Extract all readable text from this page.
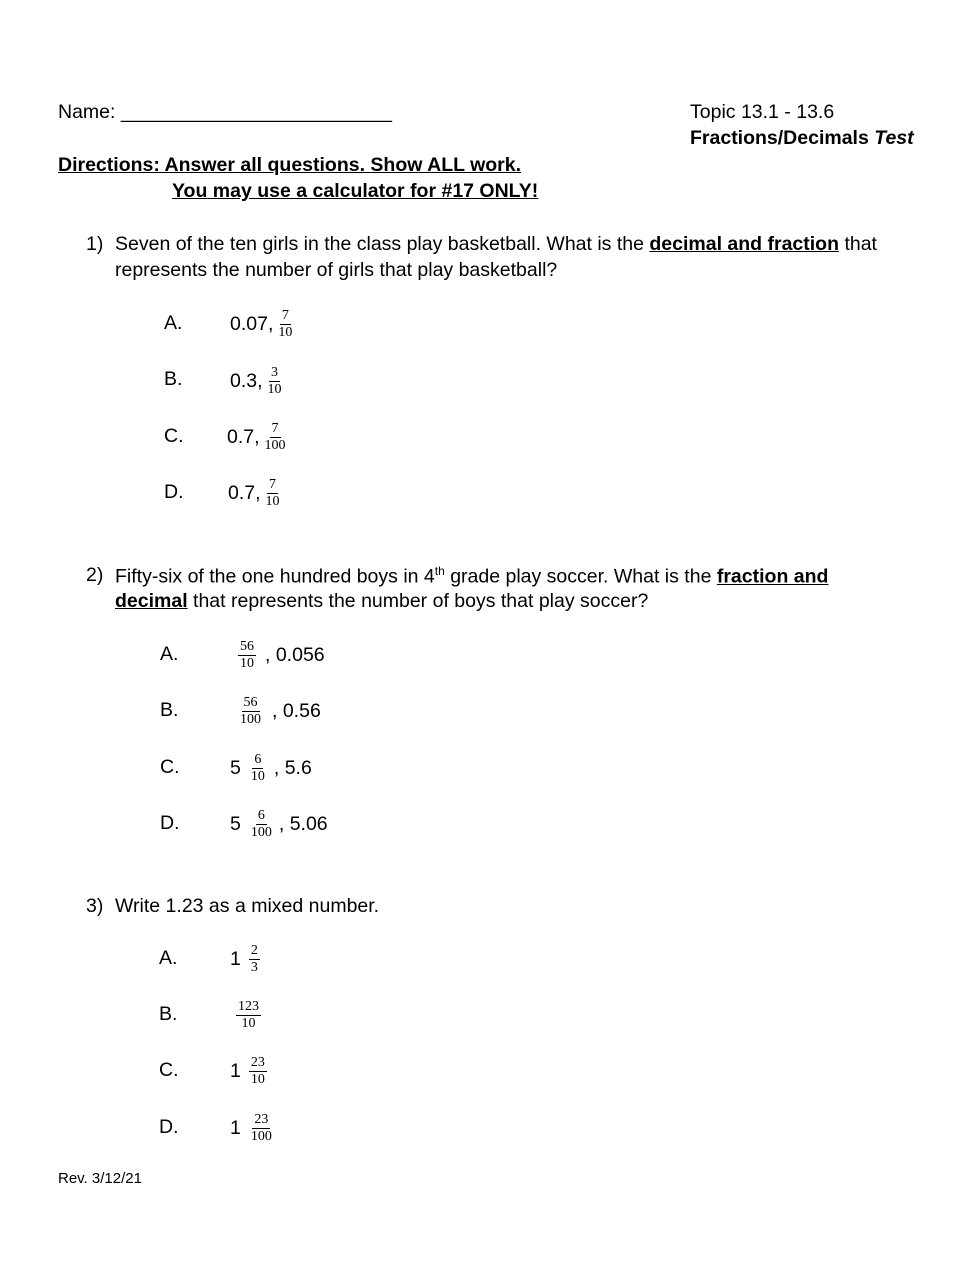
Name: _________________________	Topic 13.1 - 13.6
Fractions/Decimals Test
Directions: Answer all questions. Show ALL work.
You may use a calculator for #17 ONLY!
1) Seven of the ten girls in the class play basketball. What is the decimal and fraction that
represents the number of girls that play basketball?
A. 0.07, $\frac{7}{10}$
B. 0.3, $\frac{3}{10}$
C. 0.7, $\frac{7}{100}$
D. 0.7, $\frac{7}{10}$
2) Fifty-six of the one hundred boys in 4th grade play soccer. What is the fraction and
decimal that represents the number of boys that play soccer?
A.	$\frac{56}{10}$ , 0.056
B.	$\frac{56}{100}$ , 0.56
C.	$5 \frac{6}{10}$ , 5.6
D.	$5 \frac{6}{100}$ , 5.06
3) Write 1.23 as a mixed number.
A.	$1 \frac{2}{3}$
B.	$\frac{123}{10}$
C.	$1 \frac{23}{10}$
D.	$1 \frac{23}{100}$
Rev. 3/12/21
